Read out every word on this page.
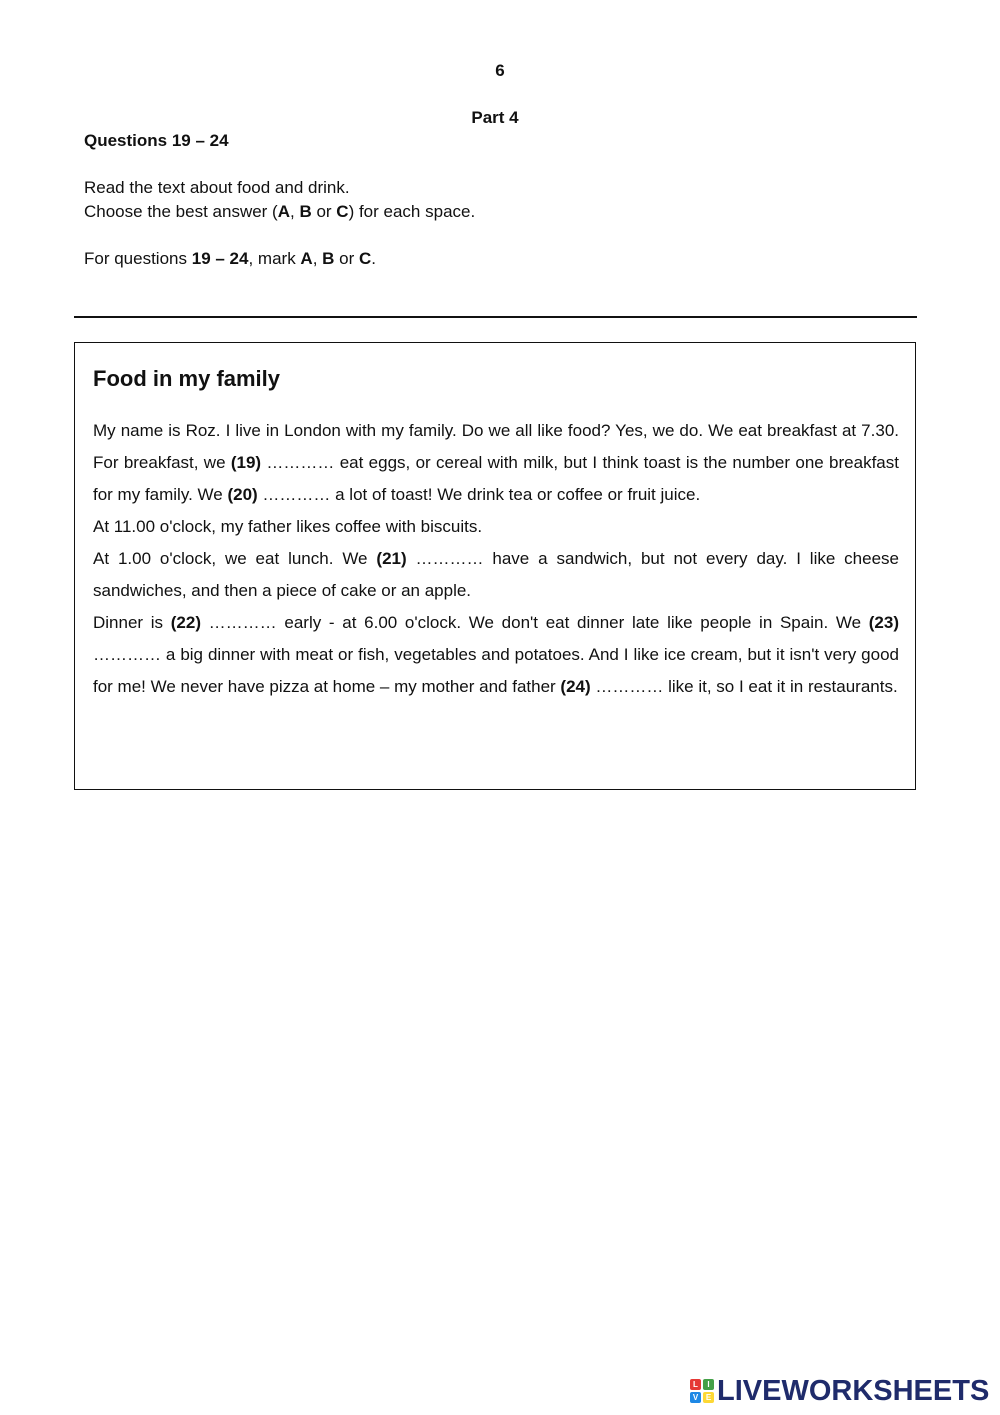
6
Part 4
Questions 19 – 24
Read the text about food and drink.
Choose the best answer (A, B or C) for each space.
For questions 19 – 24, mark A, B or C.
Food in my family

My name is Roz. I live in London with my family. Do we all like food? Yes, we do. We eat breakfast at 7.30. For breakfast, we (19) ………… eat eggs, or cereal with milk, but I think toast is the number one breakfast for my family. We (20) ………… a lot of toast! We drink tea or coffee or fruit juice.

At 11.00 o'clock, my father likes coffee with biscuits.

At 1.00 o'clock, we eat lunch. We (21) ………… have a sandwich, but not every day. I like cheese sandwiches, and then a piece of cake or an apple.

Dinner is (22) ………… early - at 6.00 o'clock. We don't eat dinner late like people in Spain. We (23) ………… a big dinner with meat or fish, vegetables and potatoes. And I like ice cream, but it isn't very good for me! We never have pizza at home – my mother and father (24) ………… like it, so I eat it in restaurants.

L	I
V E LIVEWORKSHEETS
